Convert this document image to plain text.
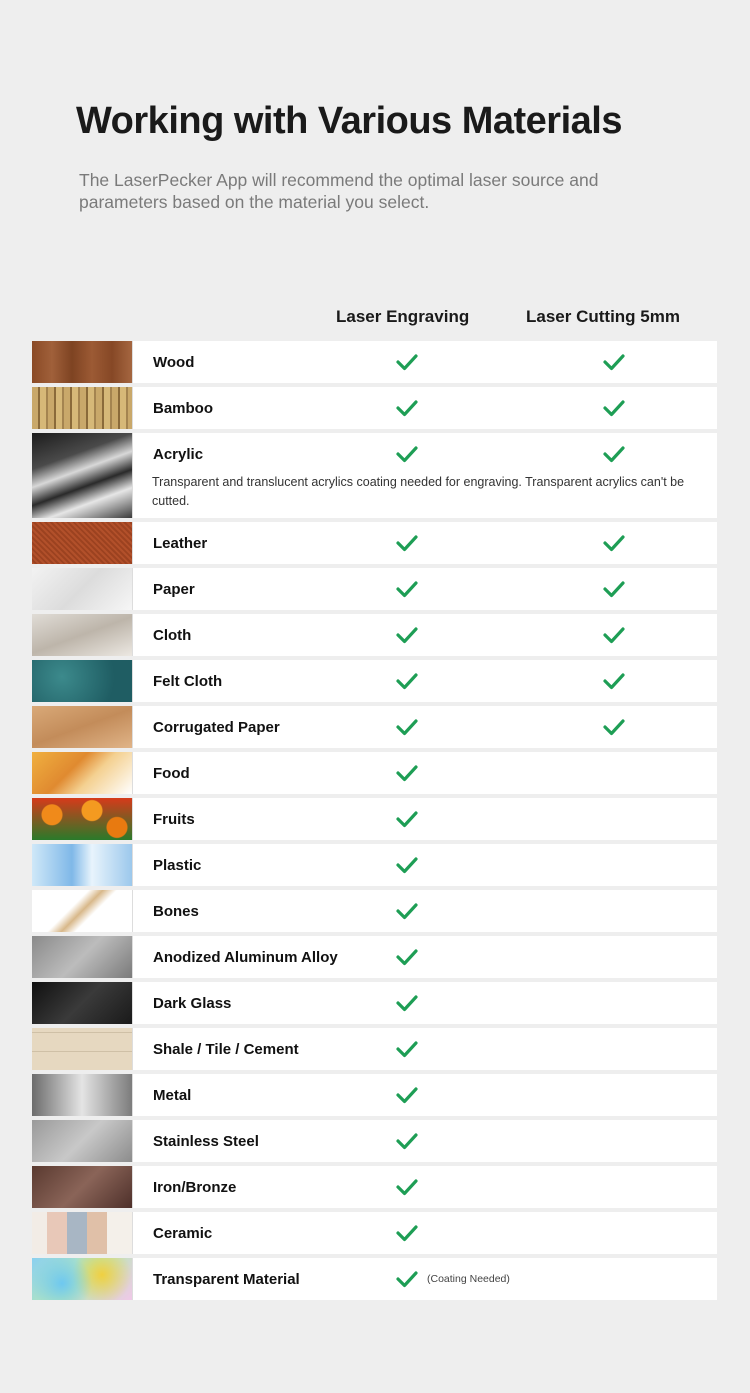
Working with Various Materials
The LaserPecker App will recommend the optimal laser source and parameters based on the material you select.
Laser Engraving	Laser Cutting 5mm
Wood
Bamboo
Acrylic
Transparent and translucent acrylics coating needed for engraving. Transparent acrylics can't be cutted.
Leather
Paper
Cloth
Felt Cloth
Corrugated Paper
Food
Fruits
Plastic
Bones
Anodized Aluminum Alloy
Dark Glass
Shale / Tile / Cement
Metal
Stainless Steel
Iron/Bronze
Ceramic
Transparent Material	(Coating Needed)
